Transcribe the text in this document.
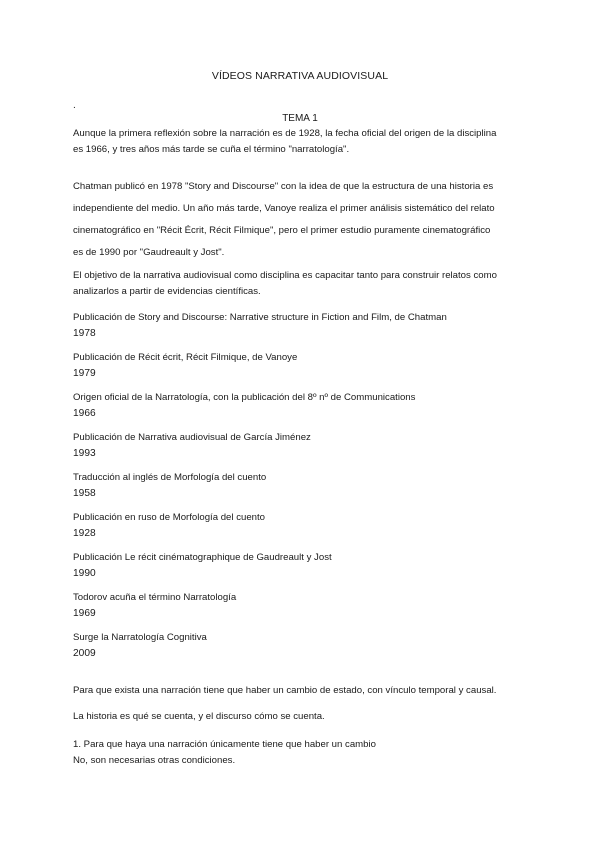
VÍDEOS NARRATIVA AUDIOVISUAL
.
TEMA 1
Aunque la primera reflexión sobre la narración es de 1928, la fecha oficial del origen de la disciplina
es 1966, y tres años más tarde se cuña el término "narratología".
Chatman publicó en 1978 "Story and Discourse" con la idea de que la estructura de una historia es
independiente del medio. Un año más tarde, Vanoye realiza el primer análisis sistemático del relato
cinematográfico en "Récit Écrit, Récit Filmique", pero el primer estudio puramente cinematográfico
es de 1990 por "Gaudreault y Jost".
El objetivo de la narrativa audiovisual como disciplina es capacitar tanto para construir relatos como
analizarlos a partir de evidencias científicas.
Publicación de Story and Discourse: Narrative structure in Fiction and Film, de Chatman
1978
Publicación de Récit écrit, Récit Filmique, de Vanoye
1979
Origen oficial de la Narratología, con la publicación del 8º nº de Communications
1966
Publicación de Narrativa audiovisual de García Jiménez
1993
Traducción al inglés de Morfología del cuento
1958
Publicación en ruso de Morfología del cuento
1928
Publicación Le récit cinématographique de Gaudreault y Jost
1990
Todorov acuña el término Narratología
1969
Surge la Narratología Cognitiva
2009
Para que exista una narración tiene que haber un cambio de estado, con vínculo temporal y causal.
La historia es qué se cuenta, y el discurso cómo se cuenta.
1. Para que haya una narración únicamente tiene que haber un cambio
No, son necesarias otras condiciones.
